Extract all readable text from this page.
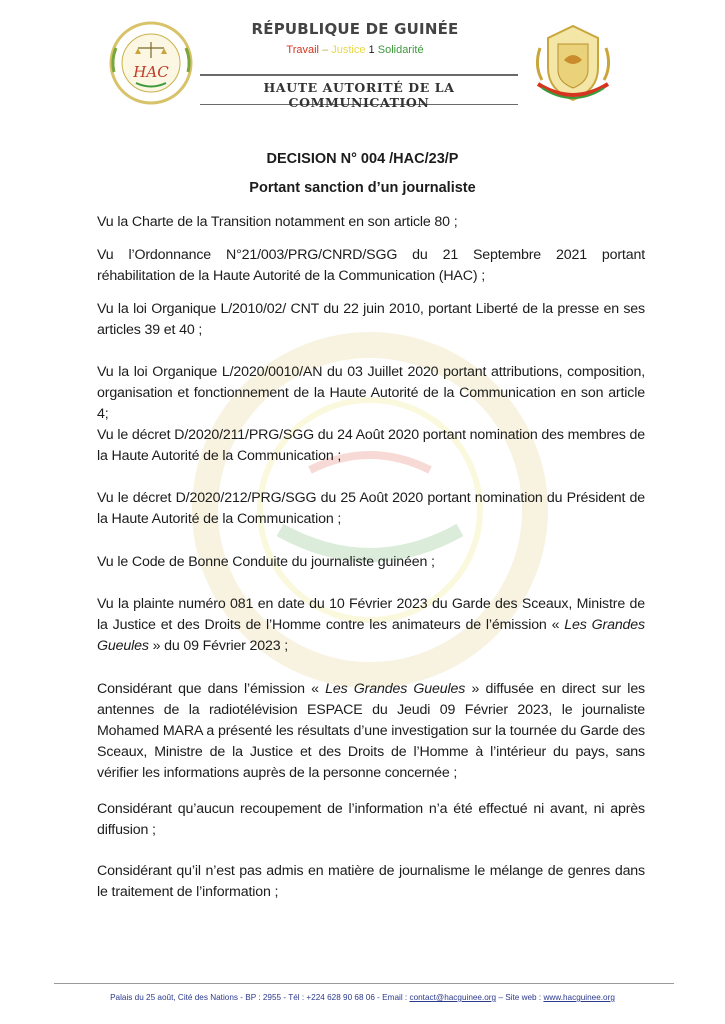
HAC
RÉPUBLIQUE DE GUINÉE
Travail – Justice 1 Solidarité
HAUTE AUTORITÉ DE LA COMMUNICATION
DECISION N° 004 /HAC/23/P
Portant sanction d’un journaliste
Vu la Charte de la Transition notamment en son article 80 ;
Vu l’Ordonnance N°21/003/PRG/CNRD/SGG du 21 Septembre 2021 portant réhabilitation de la Haute Autorité de la Communication (HAC) ;
Vu la loi Organique L/2010/02/ CNT du 22 juin 2010, portant Liberté de la presse en ses articles 39 et 40 ;
Vu la loi Organique L/2020/0010/AN du 03 Juillet 2020 portant attributions, composition, organisation et fonctionnement de la Haute Autorité de la Communication en son article 4;
Vu le décret D/2020/211/PRG/SGG du 24 Août 2020 portant nomination des membres de la Haute Autorité de la Communication ;
Vu le décret D/2020/212/PRG/SGG du 25 Août 2020 portant nomination du Président de la Haute Autorité de la Communication ;
Vu le Code de Bonne Conduite du journaliste guinéen ;
Vu la plainte numéro 081 en date du 10 Février 2023 du Garde des Sceaux, Ministre de la Justice et des Droits de l’Homme contre les animateurs de l’émission « Les Grandes Gueules » du 09 Février 2023 ;
Considérant que dans l’émission « Les Grandes Gueules » diffusée en direct sur les antennes de la radiotélévision ESPACE du Jeudi 09 Février 2023, le journaliste Mohamed MARA a présenté les résultats d’une investigation sur la tournée du Garde des Sceaux, Ministre de la Justice et des Droits de l’Homme à l’intérieur du pays, sans vérifier les informations auprès de la personne concernée ;
Considérant qu’aucun recoupement de l’information n’a été effectué ni avant, ni après diffusion ;
Considérant qu’il n’est pas admis en matière de journalisme le mélange de genres dans le traitement de l’information ;
Palais du 25 août, Cité des Nations - BP : 2955 - Tél : +224 628 90 68 06 - Email : contact@hacguinee.org – Site web : www.hacguinee.org
